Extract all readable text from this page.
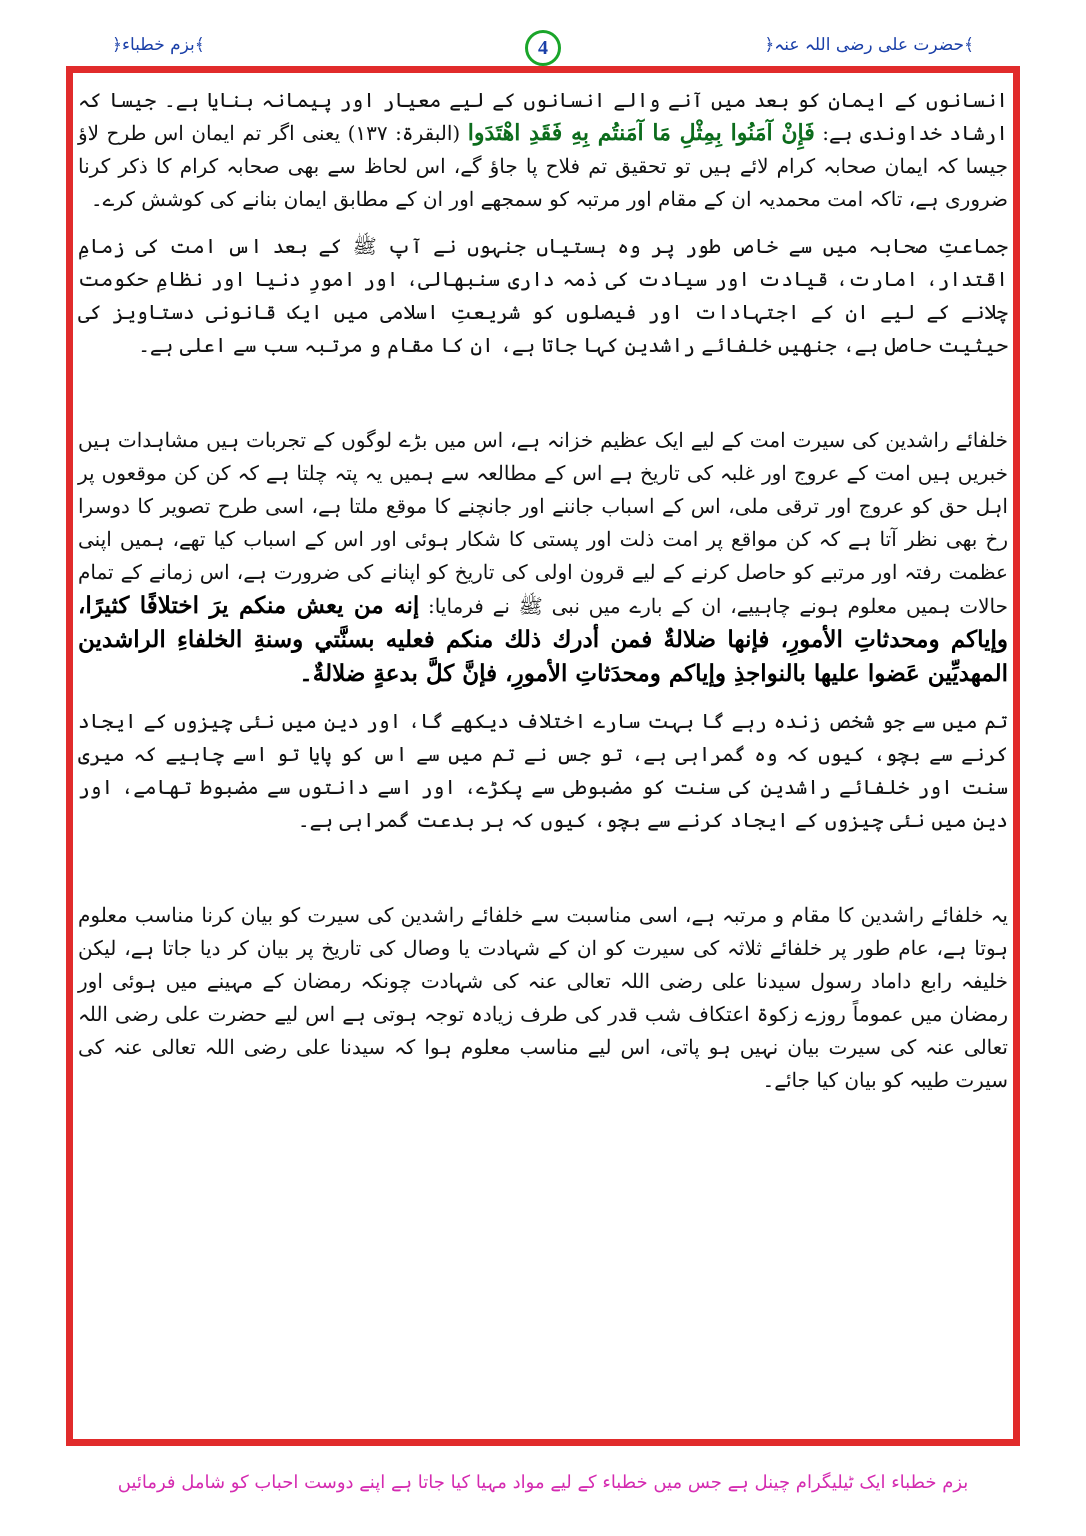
﴿حضرت علی رضی اللہ عنہ﴾
4
﴿بزم خطباء﴾

انسانوں کے ایمان کو بعد میں آنے والے انسانوں کے لیے معیار اور پیمانہ بنایا ہے۔ جیسا کہ ارشاد خداوندی ہے: فَإِنْ آمَنُوا بِمِثْلِ مَا آمَنتُم بِهِ فَقَدِ اهْتَدَوا (البقرۃ: ۱۳۷) یعنی اگر تم ایمان اس طرح لاؤ جیسا کہ ایمان صحابہ کرام لائے ہیں تو تحقیق تم فلاح پا جاؤ گے، اس لحاظ سے بھی صحابہ کرام کا ذکر کرنا ضروری ہے، تاکہ امت محمدیہ ان کے مقام اور مرتبہ کو سمجھے اور ان کے مطابق ایمان بنانے کی کوشش کرے۔

جماعتِ صحابہ میں سے خاص طور پر وہ ہستیاں جنہوں نے آپ ﷺ کے بعد اس امت کی زمامِ اقتدار، امارت، قیادت اور سیادت کی ذمہ داری سنبھالی، اور امورِ دنیا اور نظامِ حکومت چلانے کے لیے ان کے اجتہادات اور فیصلوں کو شریعتِ اسلامی میں ایک قانونی دستاویز کی حیثیت حاصل ہے، جنھیں خلفائے راشدین کہا جاتا ہے، ان کا مقام و مرتبہ سب سے اعلی ہے۔

خلفائے راشدین کی سیرت امت کے لیے ایک عظیم خزانہ ہے، اس میں بڑے لوگوں کے تجربات ہیں مشاہدات ہیں خبریں ہیں امت کے عروج اور غلبہ کی تاریخ ہے اس کے مطالعہ سے ہمیں یہ پتہ چلتا ہے کہ کن کن موقعوں پر اہل حق کو عروج اور ترقی ملی، اس کے اسباب جاننے اور جانچنے کا موقع ملتا ہے، اسی طرح تصویر کا دوسرا رخ بھی نظر آتا ہے کہ کن مواقع پر امت ذلت اور پستی کا شکار ہوئی اور اس کے اسباب کیا تھے، ہمیں اپنی عظمت رفتہ اور مرتبے کو حاصل کرنے کے لیے قرون اولی کی تاریخ کو اپنانے کی ضرورت ہے، اس زمانے کے تمام حالات ہمیں معلوم ہونے چاہییے، ان کے بارے میں نبی ﷺ نے فرمایا: إنه من يعش منكم يرَ اختلافًا كثيرًا، وإياكم ومحدثاتِ الأمورِ، فإنها ضلالةٌ فمن أدرك ذلك منكم فعليه بسنَّتي وسنةِ الخلفاءِ الراشدين المهديِّين عَضوا عليها بالنواجذِ وإياكم ومحدَثاتِ الأمورِ، فإنَّ كلَّ بدعةٍ ضلالةٌ۔

تم میں سے جو شخص زندہ رہے گا بہت سارے اختلاف دیکھے گا، اور دین میں نئی چیزوں کے ایجاد کرنے سے بچو، کیوں کہ وہ گمراہی ہے، تو جس نے تم میں سے اس کو پایا تو اسے چاہیے کہ میری سنت اور خلفائے راشدین کی سنت کو مضبوطی سے پکڑے، اور اسے دانتوں سے مضبوط تھامے، اور دین میں نئی چیزوں کے ایجاد کرنے سے بچو، کیوں کہ ہر بدعت گمراہی ہے۔

یہ خلفائے راشدین کا مقام و مرتبہ ہے، اسی مناسبت سے خلفائے راشدین کی سیرت کو بیان کرنا مناسب معلوم ہوتا ہے، عام طور پر خلفائے ثلاثہ کی سیرت کو ان کے شہادت یا وصال کی تاریخ پر بیان کر دیا جاتا ہے، لیکن خلیفہ رابع داماد رسول سیدنا علی رضی اللہ تعالی عنہ کی شہادت چونکہ رمضان کے مہینے میں ہوئی اور رمضان میں عموماً روزے زکوۃ اعتکاف شب قدر کی طرف زیادہ توجہ ہوتی ہے اس لیے حضرت علی رضی اللہ تعالی عنہ کی سیرت بیان نہیں ہو پاتی، اس لیے مناسب معلوم ہوا کہ سیدنا علی رضی اللہ تعالی عنہ کی سیرت طیبہ کو بیان کیا جائے۔

بزم خطباء ایک ٹیلیگرام چینل ہے جس میں خطباء کے لیے مواد مہیا کیا جاتا ہے اپنے دوست احباب کو شامل فرمائیں
